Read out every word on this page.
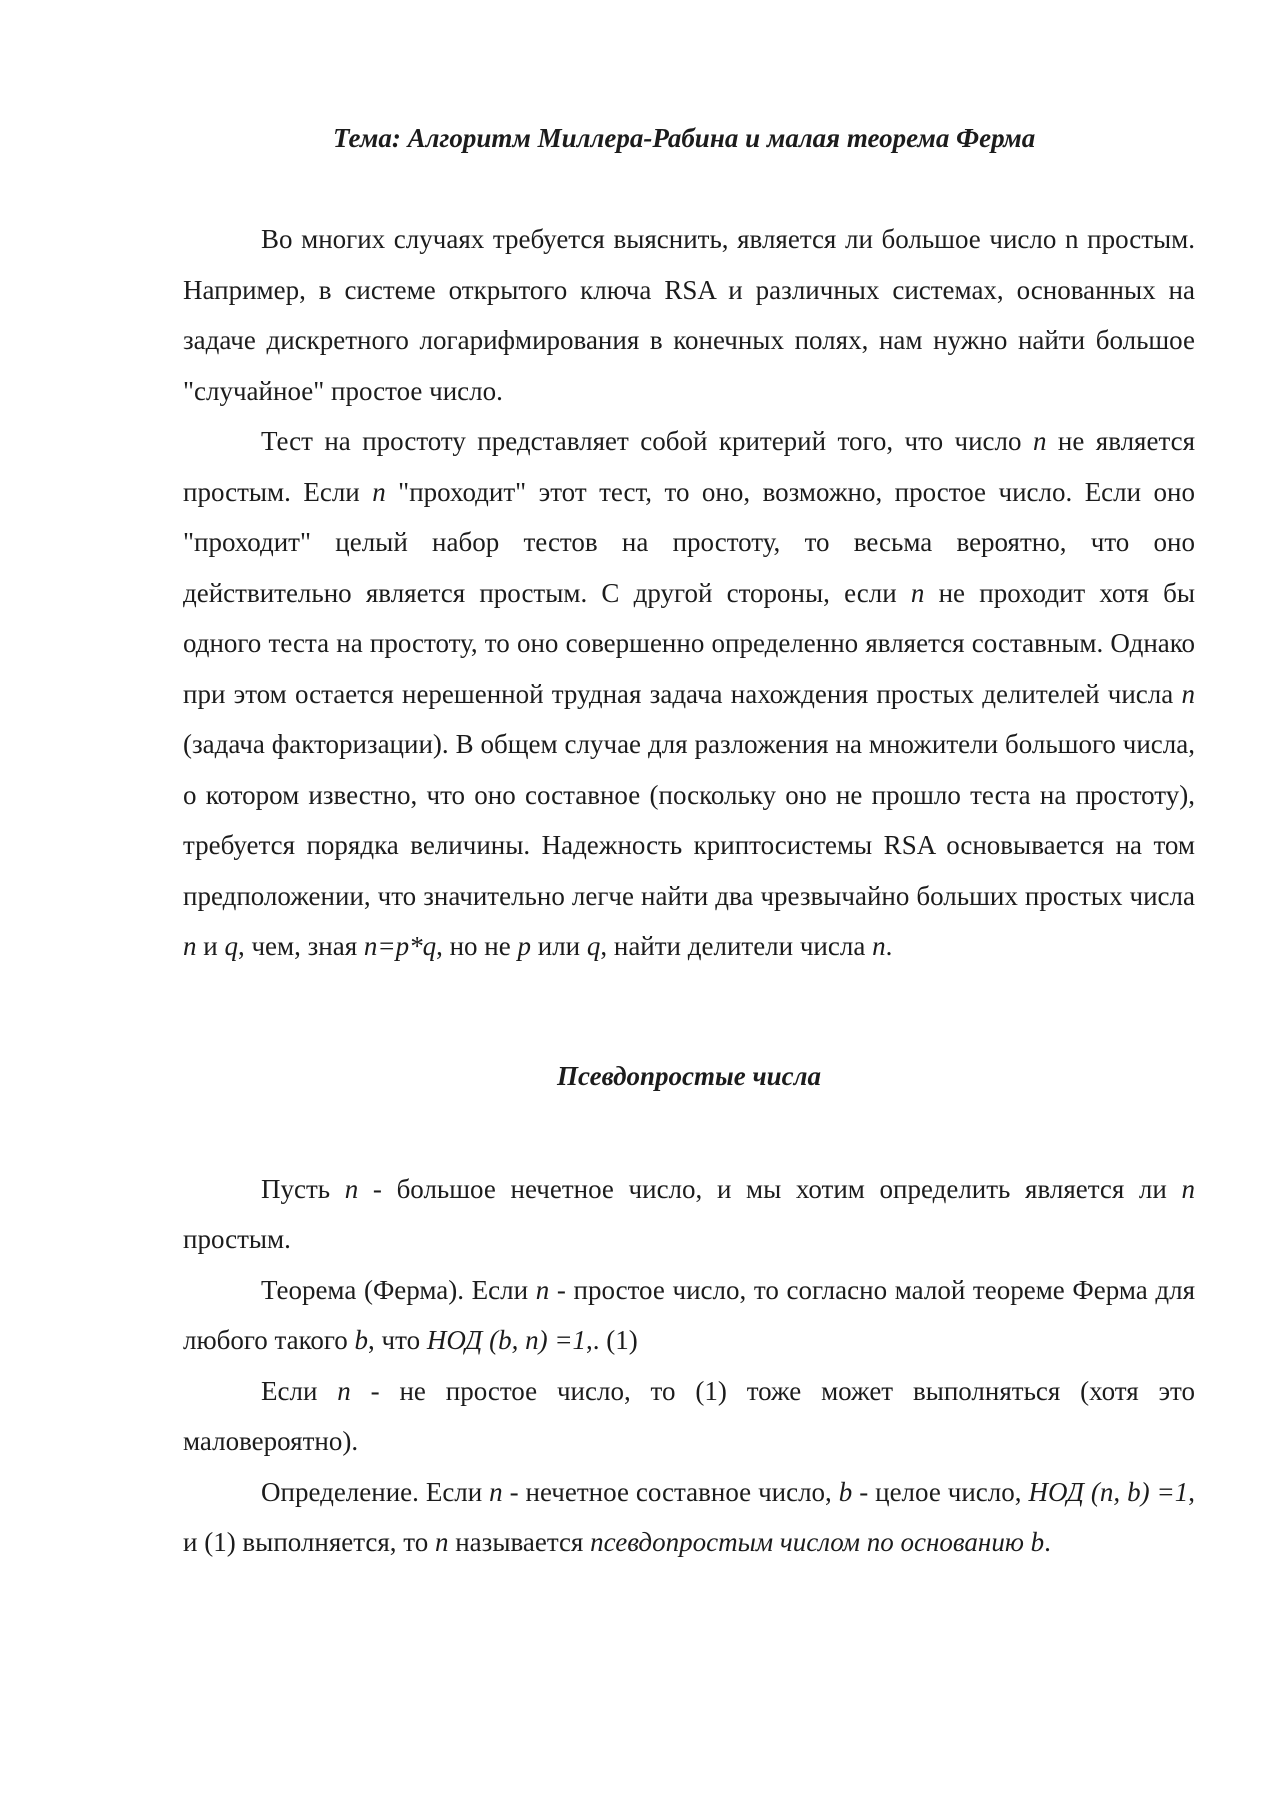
Тема: Алгоритм Миллера-Рабина и малая теорема Ферма

Во многих случаях требуется выяснить, является ли большое число n простым. Например, в системе открытого ключа RSA и различных системах, основанных на задаче дискретного логарифмирования в конечных полях, нам нужно найти большое "случайное" простое число.

Тест на простоту представляет собой критерий того, что число n не является простым. Если n "проходит" этот тест, то оно, возможно, простое число. Если оно "проходит" целый набор тестов на простоту, то весьма вероятно, что оно действительно является простым. С другой стороны, если n не проходит хотя бы одного теста на простоту, то оно совершенно определенно является составным. Однако при этом остается нерешенной трудная задача нахождения простых делителей числа n (задача факторизации). В общем случае для разложения на множители большого числа, о котором известно, что оно составное (поскольку оно не прошло теста на простоту), требуется порядка величины. Надежность криптосистемы RSA основывается на том предположении, что значительно легче найти два чрезвычайно больших простых числа n и q, чем, зная n=p*q, но не p или q, найти делители числа n.

Псевдопростые числа

Пусть n - большое нечетное число, и мы хотим определить является ли n простым.

Теорема (Ферма). Если n - простое число, то согласно малой теореме Ферма для любого такого b, что НОД (b, n) =1,. (1)

Если n - не простое число, то (1) тоже может выполняться (хотя это маловероятно).

Определение. Если n - нечетное составное число, b - целое число, НОД (n, b) =1, и (1) выполняется, то n называется псевдопростым числом по основанию b.
